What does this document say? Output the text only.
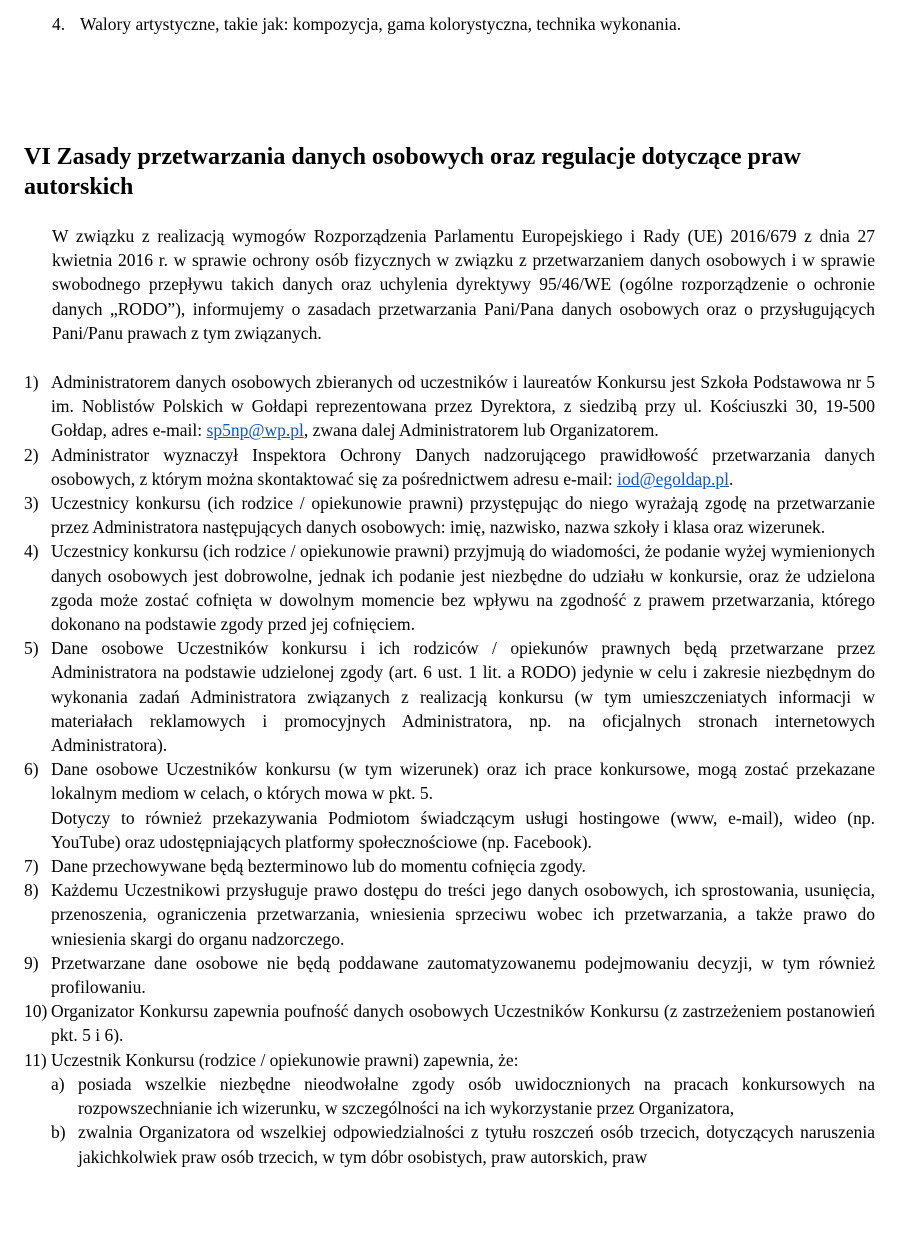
4. Walory artystyczne, takie jak: kompozycja, gama kolorystyczna, technika wykonania.
VI Zasady przetwarzania danych osobowych oraz regulacje dotyczące praw autorskich

W związku z realizacją wymogów Rozporządzenia Parlamentu Europejskiego i Rady (UE) 2016/679 z dnia 27 kwietnia 2016 r. w sprawie ochrony osób fizycznych w związku z przetwarzaniem danych osobowych i w sprawie swobodnego przepływu takich danych oraz uchylenia dyrektywy 95/46/WE (ogólne rozporządzenie o ochronie danych „RODO”), informujemy o zasadach przetwarzania Pani/Pana danych osobowych oraz o przysługujących Pani/Panu prawach z tym związanych.

1) Administratorem danych osobowych zbieranych od uczestników i laureatów Konkursu jest Szkoła Podstawowa nr 5 im. Noblistów Polskich w Gołdapi reprezentowana przez Dyrektora, z siedzibą przy ul. Kościuszki 30, 19-500 Gołdap, adres e-mail: sp5np@wp.pl, zwana dalej Administratorem lub Organizatorem.
2) Administrator wyznaczył Inspektora Ochrony Danych nadzorującego prawidłowość przetwarzania danych osobowych, z którym można skontaktować się za pośrednictwem adresu e-mail: iod@egoldap.pl.
3) Uczestnicy konkursu (ich rodzice / opiekunowie prawni) przystępując do niego wyrażają zgodę na przetwarzanie przez Administratora następujących danych osobowych: imię, nazwisko, nazwa szkoły i klasa oraz wizerunek.
4) Uczestnicy konkursu (ich rodzice / opiekunowie prawni) przyjmują do wiadomości, że podanie wyżej wymienionych danych osobowych jest dobrowolne, jednak ich podanie jest niezbędne do udziału w konkursie, oraz że udzielona zgoda może zostać cofnięta w dowolnym momencie bez wpływu na zgodność z prawem przetwarzania, którego dokonano na podstawie zgody przed jej cofnięciem.
5) Dane osobowe Uczestników konkursu i ich rodziców / opiekunów prawnych będą przetwarzane przez Administratora na podstawie udzielonej zgody (art. 6 ust. 1 lit. a RODO) jedynie w celu i zakresie niezbędnym do wykonania zadań Administratora związanych z realizacją konkursu (w tym umieszczeniatych informacji w materiałach reklamowych i promocyjnych Administratora, np. na oficjalnych stronach internetowych Administratora).
6) Dane osobowe Uczestników konkursu (w tym wizerunek) oraz ich prace konkursowe, mogą zostać przekazane lokalnym mediom w celach, o których mowa w pkt. 5.

Dotyczy to również przekazywania Podmiotom świadczącym usługi hostingowe (www, e-mail), wideo (np. YouTube) oraz udostępniających platformy społecznościowe (np. Facebook).

7) Dane przechowywane będą bezterminowo lub do momentu cofnięcia zgody.
8) Każdemu Uczestnikowi przysługuje prawo dostępu do treści jego danych osobowych, ich sprostowania, usunięcia, przenoszenia, ograniczenia przetwarzania, wniesienia sprzeciwu wobec ich przetwarzania, a także prawo do wniesienia skargi do organu nadzorczego.
9) Przetwarzane dane osobowe nie będą poddawane zautomatyzowanemu podejmowaniu decyzji, w tym również profilowaniu.
10) Organizator Konkursu zapewnia poufność danych osobowych Uczestników Konkursu (z zastrzeżeniem postanowień pkt. 5 i 6).
11) Uczestnik Konkursu (rodzice / opiekunowie prawni) zapewnia, że:

a) posiada wszelkie niezbędne nieodwołalne zgody osób uwidocznionych na pracach konkursowych na rozpowszechnianie ich wizerunku, w szczególności na ich wykorzystanie przez Organizatora,
b) zwalnia Organizatora od wszelkiej odpowiedzialności z tytułu roszczeń osób trzecich, dotyczących naruszenia jakichkolwiek praw osób trzecich, w tym dóbr osobistych, praw autorskich, praw
